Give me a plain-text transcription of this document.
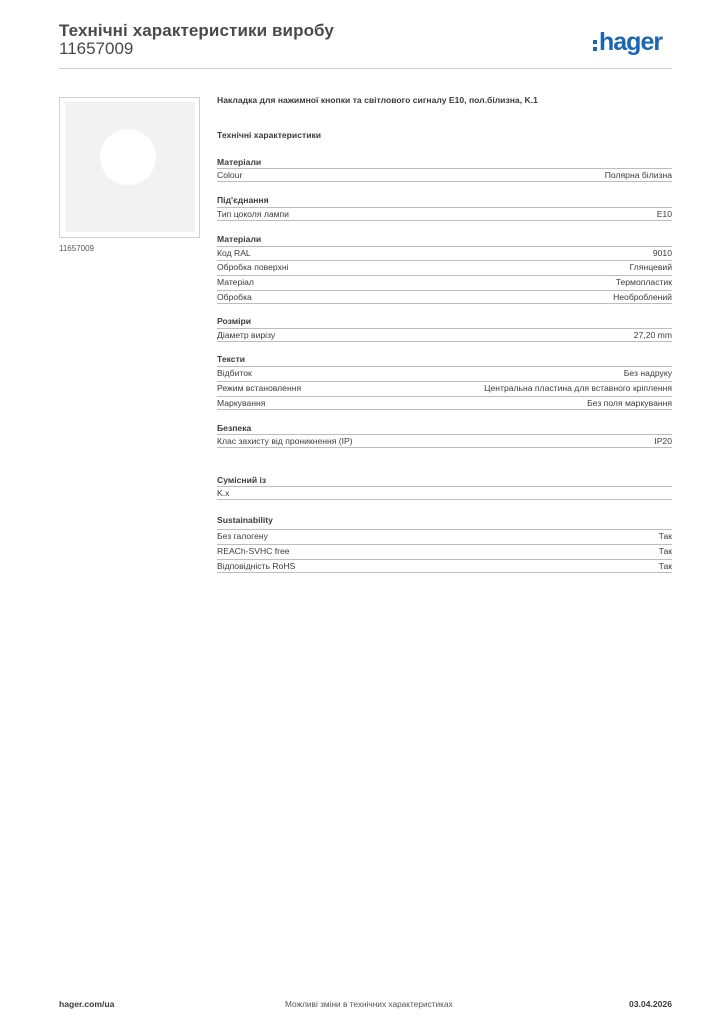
Технічні характеристики виробу
11657009	hager
11657009
Накладка для нажимної кнопки та світлового сигналу E10, пол.білизна, K.1
Технічні характеристики
Матеріали
Colour	Полярна білизна
Під'єднання
Тип цоколя лампи	E10
Матеріали
Код RAL	9010
Обробка поверхні	Глянцевий
Матеріал	Термопластик
Обробка	Необроблений
Розміри
Діаметр вирізу	27,20 mm
Тексти
Відбиток	Без надруку
Режим встановлення	Центральна пластина для вставного кріплення
Маркування	Без поля маркування
Безпека
Клас захисту від проникнення (IP)	IP20
Сумісний із
K.x
Sustainability
Без галогену	Так
REACh-SVHC free	Так
Відповідність RoHS	Так
hager.com/ua	Можливі зміни в технічних характеристиках	03.04.2026
